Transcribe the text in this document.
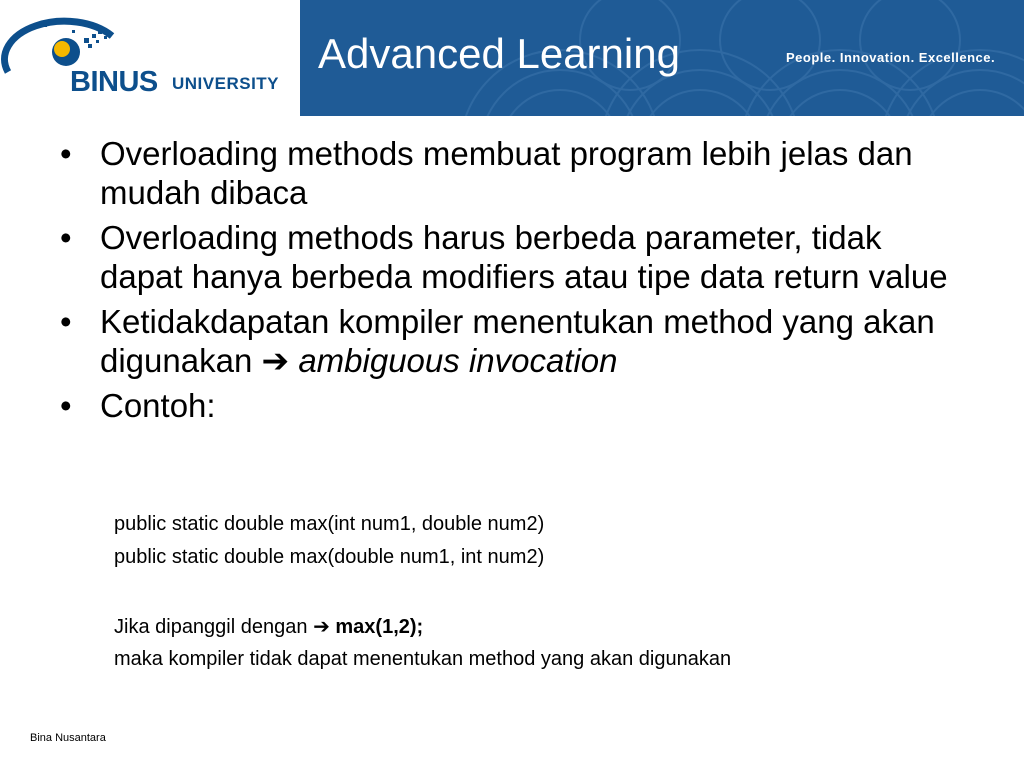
BINUS UNIVERSITY
Advanced Learning	People. Innovation. Excellence.
• Overloading methods membuat program lebih jelas dan mudah dibaca
• Overloading methods harus berbeda parameter, tidak dapat hanya berbeda modifiers atau tipe data return value
• Ketidakdapatan kompiler menentukan method yang akan digunakan ➔ ambiguous invocation
• Contoh:
public static double max(int num1, double num2)
public static double max(double num1, int num2)
Jika dipanggil dengan ➔ max(1,2);
maka kompiler tidak dapat menentukan method yang akan digunakan
Bina Nusantara
